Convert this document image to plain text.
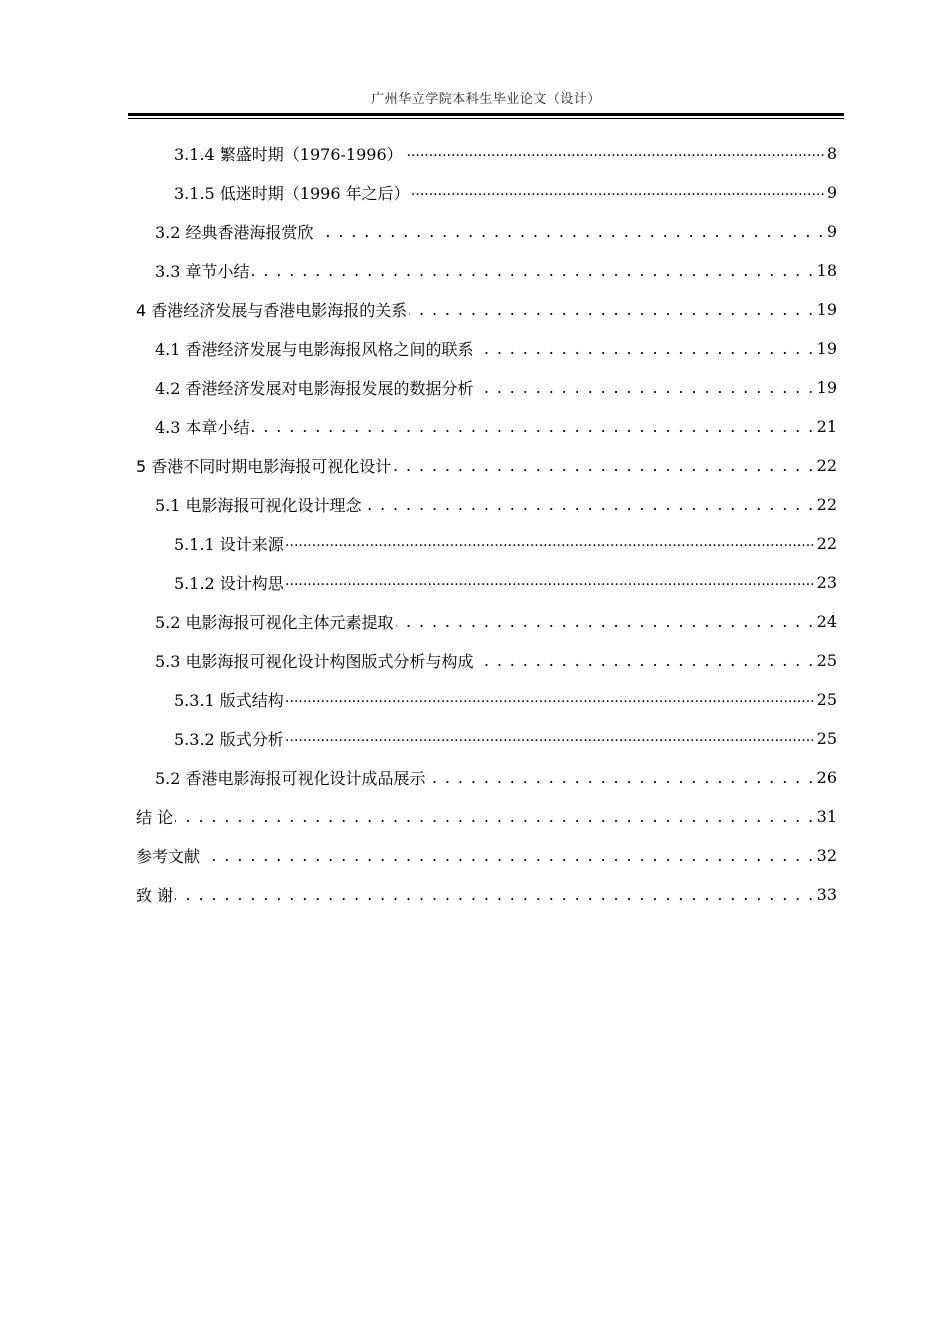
广州华立学院本科生毕业论文（设计）
3.1.4 繁盛时期（1976-1996） .....	8
3.1.5 低迷时期（1996 年之后） .....	9
3.2 经典香港海报赏欣 . . .	9
3.3 章节小结 . . .	18
4 香港经济发展与香港电影海报的关系 . . .	19
4.1 香港经济发展与电影海报风格之间的联系 . . .	19
4.2 香港经济发展对电影海报发展的数据分析 . . .	19
4.3 本章小结 . . .	21
5 香港不同时期电影海报可视化设计 . . .	22
5.1 电影海报可视化设计理念 . . .	22
5.1.1 设计来源 .....	22
5.1.2 设计构思 .....	23
5.2 电影海报可视化主体元素提取 . . .	24
5.3 电影海报可视化设计构图版式分析与构成 . . .	25
5.3.1 版式结构 .....	25
5.3.2 版式分析 .....	25
5.2 香港电影海报可视化设计成品展示 . . .	26
结 论 . . .	31
参考文献 . . .	32
致 谢 . . .	33
